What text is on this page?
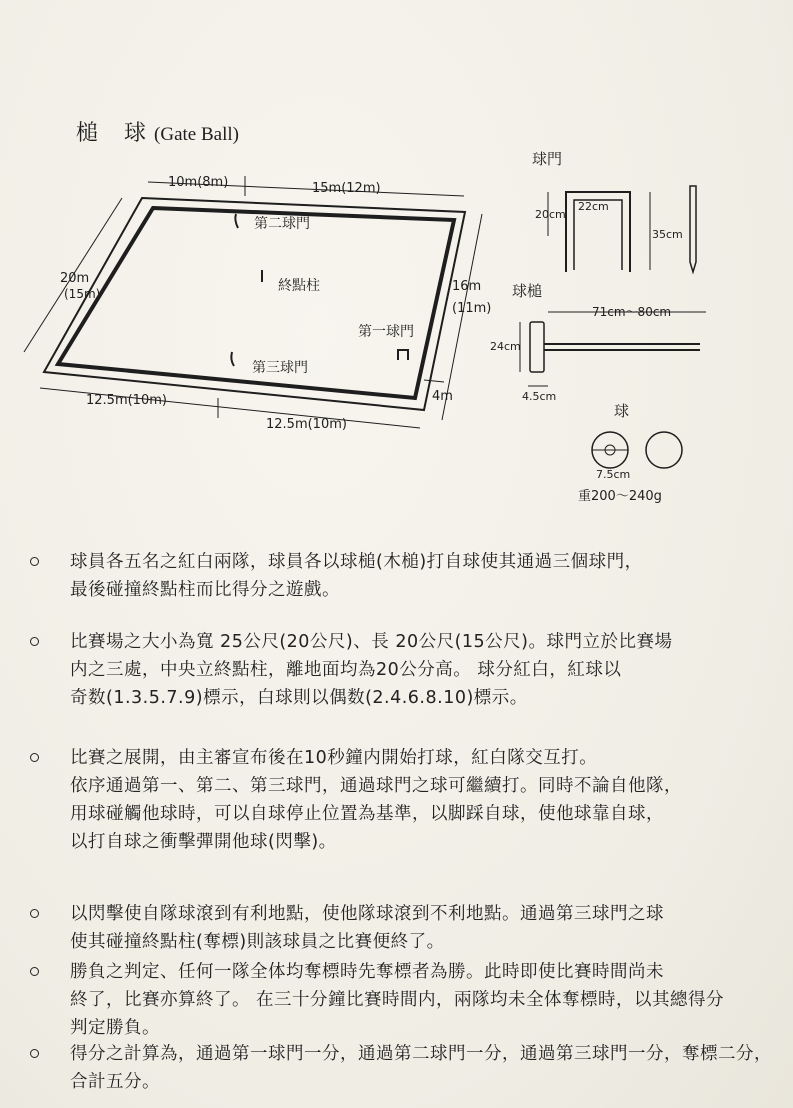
槌　球 (Gate Ball)
10m(8m)	15m(12m)
20m
(15m)	16m
(11m)
4m
12.5m(10m)
12.5m(10m)
第二球門
終點柱
第一球門
第三球門
球門
20cm
22cm
35cm
球槌
71cm〜80cm
24cm
4.5cm
球
7.5cm
重200〜240g
球員各五名之紅白兩隊，球員各以球槌(木槌)打自球使其通過三個球門，
最後碰撞終點柱而比得分之遊戲。
比賽場之大小為寬 25公尺(20公尺)、長 20公尺(15公尺)。球門立於比賽場
内之三處，中央立終點柱，離地面均為20公分高。 球分紅白，紅球以
奇数(1.3.5.7.9)標示，白球則以偶数(2.4.6.8.10)標示。
比賽之展開，由主審宣布後在10秒鐘内開始打球，紅白隊交互打。
依序通過第一、第二、第三球門，通過球門之球可繼續打。同時不論自他隊，
用球碰觸他球時，可以自球停止位置為基準，以脚踩自球，使他球靠自球，
以打自球之衝擊彈開他球(閃擊)。
以閃擊使自隊球滾到有利地點，使他隊球滾到不利地點。通過第三球門之球
使其碰撞終點柱(奪標)則該球員之比賽便終了。
勝負之判定、任何一隊全体均奪標時先奪標者為勝。此時即使比賽時間尚未
終了，比賽亦算終了。 在三十分鐘比賽時間内，兩隊均未全体奪標時，以其總得分
判定勝負。
得分之計算為，通過第一球門一分，通過第二球門一分，通過第三球門一分，奪標二分，
合計五分。
